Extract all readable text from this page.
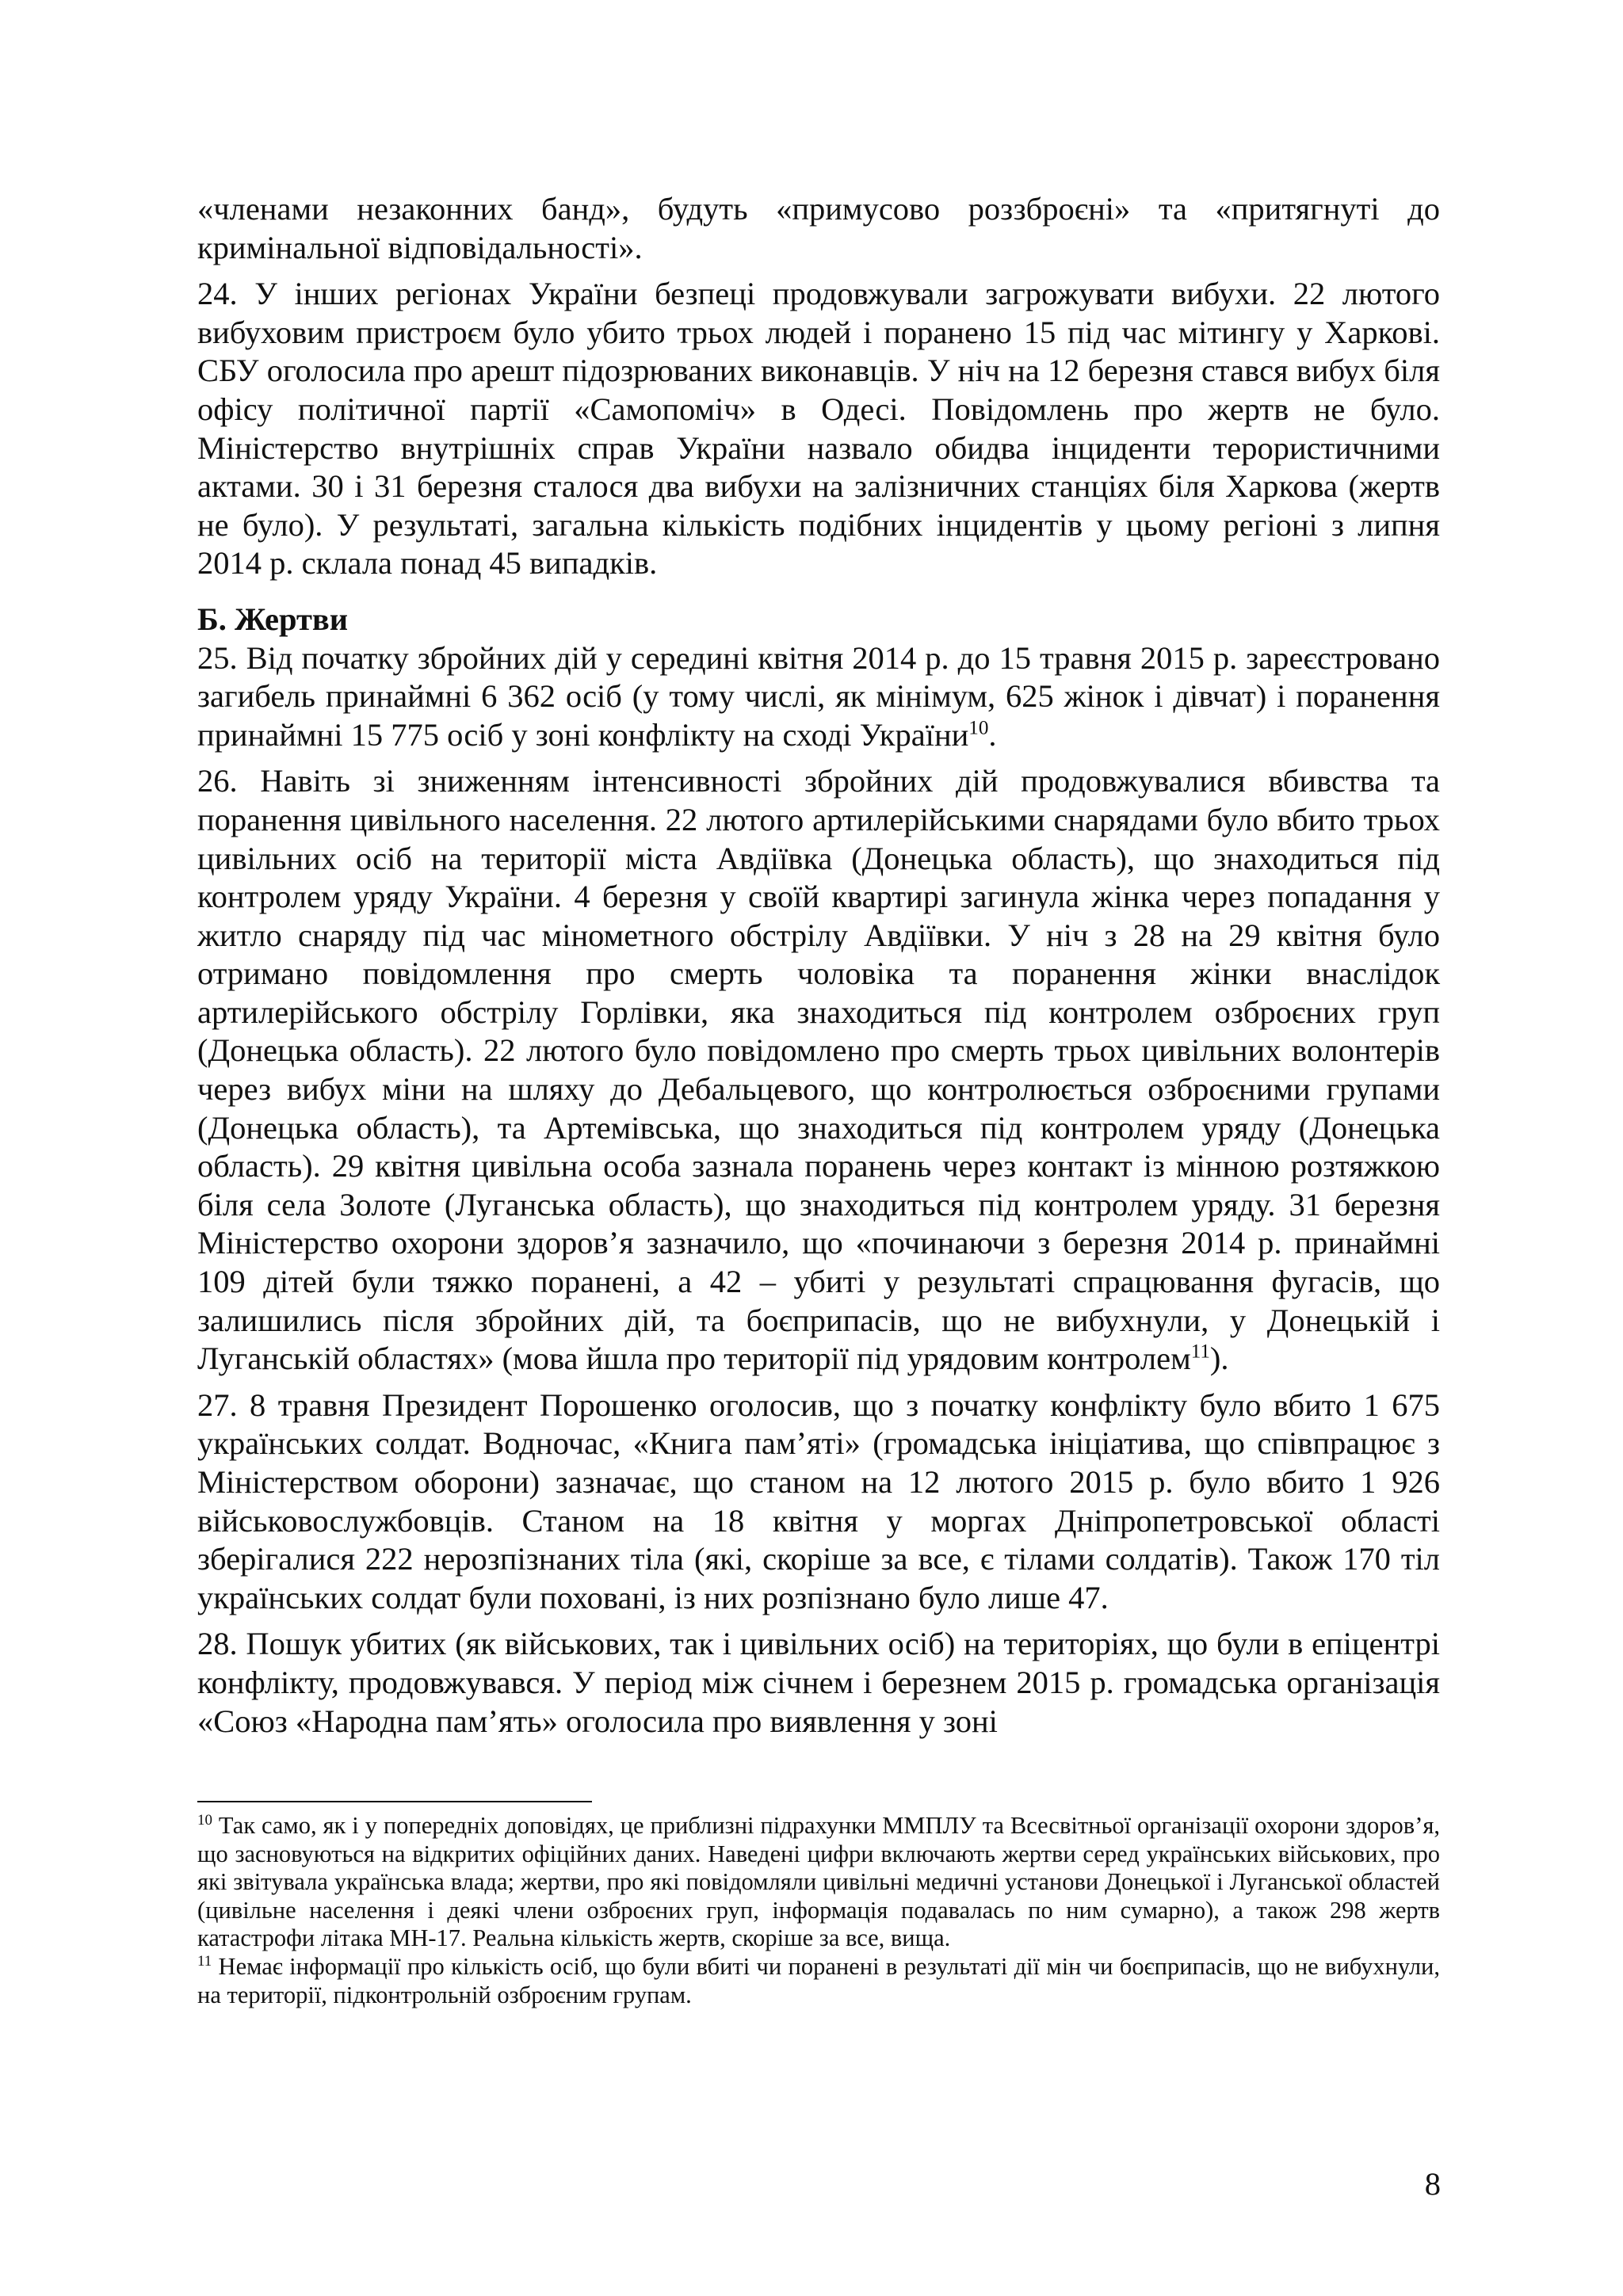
«членами незаконних банд», будуть «примусово роззброєні» та «притягнуті до кримінальної відповідальності».

24. У інших регіонах України безпеці продовжували загрожувати вибухи. 22 лютого вибуховим пристроєм було убито трьох людей і поранено 15 під час мітингу у Харкові. СБУ оголосила про арешт підозрюваних виконавців. У ніч на 12 березня стався вибух біля офісу політичної партії «Самопоміч» в Одесі. Повідомлень про жертв не було. Міністерство внутрішніх справ України назвало обидва інциденти терористичними актами. 30 і 31 березня сталося два вибухи на залізничних станціях біля Харкова (жертв не було). У результаті, загальна кількість подібних інцидентів у цьому регіоні з липня 2014 р. склала понад 45 випадків.

Б. Жертви

25. Від початку збройних дій у середині квітня 2014 р. до 15 травня 2015 р. зареєстровано загибель принаймні 6 362 осіб (у тому числі, як мінімум, 625 жінок і дівчат) і поранення принаймні 15 775 осіб у зоні конфлікту на сході України$^{10}$.

26. Навіть зі зниженням інтенсивності збройних дій продовжувалися вбивства та поранення цивільного населення. 22 лютого артилерійськими снарядами було вбито трьох цивільних осіб на території міста Авдіївка (Донецька область), що знаходиться під контролем уряду України. 4 березня у своїй квартирі загинула жінка через попадання у житло снаряду під час мінометного обстрілу Авдіївки. У ніч з 28 на 29 квітня було отримано повідомлення про смерть чоловіка та поранення жінки внаслідок артилерійського обстрілу Горлівки, яка знаходиться під контролем озброєних груп (Донецька область). 22 лютого було повідомлено про смерть трьох цивільних волонтерів через вибух міни на шляху до Дебальцевого, що контролюється озброєними групами (Донецька область), та Артемівська, що знаходиться під контролем уряду (Донецька область). 29 квітня цивільна особа зазнала поранень через контакт із мінною розтяжкою біля села Золоте (Луганська область), що знаходиться під контролем уряду. 31 березня Міністерство охорони здоров’я зазначило, що «починаючи з березня 2014 р. принаймні 109 дітей були тяжко поранені, а 42 – убиті у результаті спрацювання фугасів, що залишились після збройних дій, та боєприпасів, що не вибухнули, у Донецькій і Луганській областях» (мова йшла про території під урядовим контролем$^{11}$).

27. 8 травня Президент Порошенко оголосив, що з початку конфлікту було вбито 1 675 українських солдат. Водночас, «Книга пам’яті» (громадська ініціатива, що співпрацює з Міністерством оборони) зазначає, що станом на 12 лютого 2015 р. було вбито 1 926 військовослужбовців. Станом на 18 квітня у моргах Дніпропетровської області зберігалися 222 нерозпізнаних тіла (які, скоріше за все, є тілами солдатів). Також 170 тіл українських солдат були поховані, із них розпізнано було лише 47.

28. Пошук убитих (як військових, так і цивільних осіб) на територіях, що були в епіцентрі конфлікту, продовжувався. У період між січнем і березнем 2015 р. громадська організація «Союз «Народна пам’ять» оголосила про виявлення у зоні

$^{10}$ Так само, як і у попередніх доповідях, це приблизні підрахунки ММПЛУ та Всесвітньої організації охорони здоров’я, що засновуються на відкритих офіційних даних. Наведені цифри включають жертви серед українських військових, про які звітувала українська влада; жертви, про які повідомляли цивільні медичні установи Донецької і Луганської областей (цивільне населення і деякі члени озброєних груп, інформація подавалась по ним сумарно), а також 298 жертв катастрофи літака MH-17. Реальна кількість жертв, скоріше за все, вища.

$^{11}$ Немає інформації про кількість осіб, що були вбиті чи поранені в результаті дії мін чи боєприпасів, що не вибухнули, на території, підконтрольній озброєним групам.

8
